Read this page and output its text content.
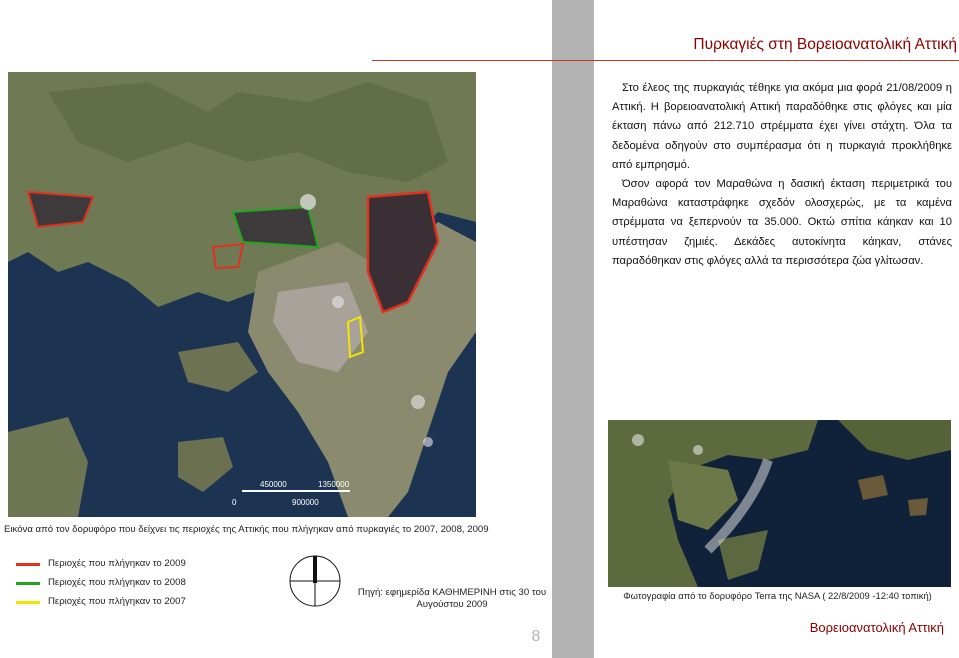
Πυρκαγιές στη Βορειοανατολική Αττική

Στο έλεος της πυρκαγιάς τέθηκε για ακόμα μια φορά 21/08/2009 η Αττική. Η βορειοανατολική Αττική παραδόθηκε στις φλόγες και μία έκταση πάνω από 212.710 στρέμματα έχει γίνει στάχτη. Όλα τα δεδομένα οδηγούν στο συμπέρασμα ότι η πυρκαγιά προκλήθηκε από εμπρησμό.

Όσον αφορά τον Μαραθώνα η δασική έκταση περιμετρικά του Μαραθώνα καταστράφηκε σχεδόν ολοσχερώς, με τα καμένα στρέμματα να ξεπερνούν τα 35.000. Οκτώ σπίτια κάηκαν και 10 υπέστησαν ζημιές. Δεκάδες αυτοκίνητα κάηκαν, στάνες παραδόθηκαν στις φλόγες αλλά τα περισσότερα ζώα γλίτωσαν.

450000	1350000
0	900000
Εικόνα από τον δορυφόρο που δείχνει τις περιοχές της Αττικής που πλήγηκαν από πυρκαγιές το 2007, 2008, 2009
Περιοχές που πλήγηκαν το 2009
Περιοχές που πλήγηκαν το 2008
Περιοχές που πλήγηκαν το 2007
Πηγή: εφημερίδα ΚΑΘΗΜΕΡΙΝΗ στις 30 του Αυγούστου 2009
8
Φωτογραφία από το δορυφόρο Terra της NASA ( 22/8/2009 -12:40 τοπική)
Βορειοανατολική Αττική
